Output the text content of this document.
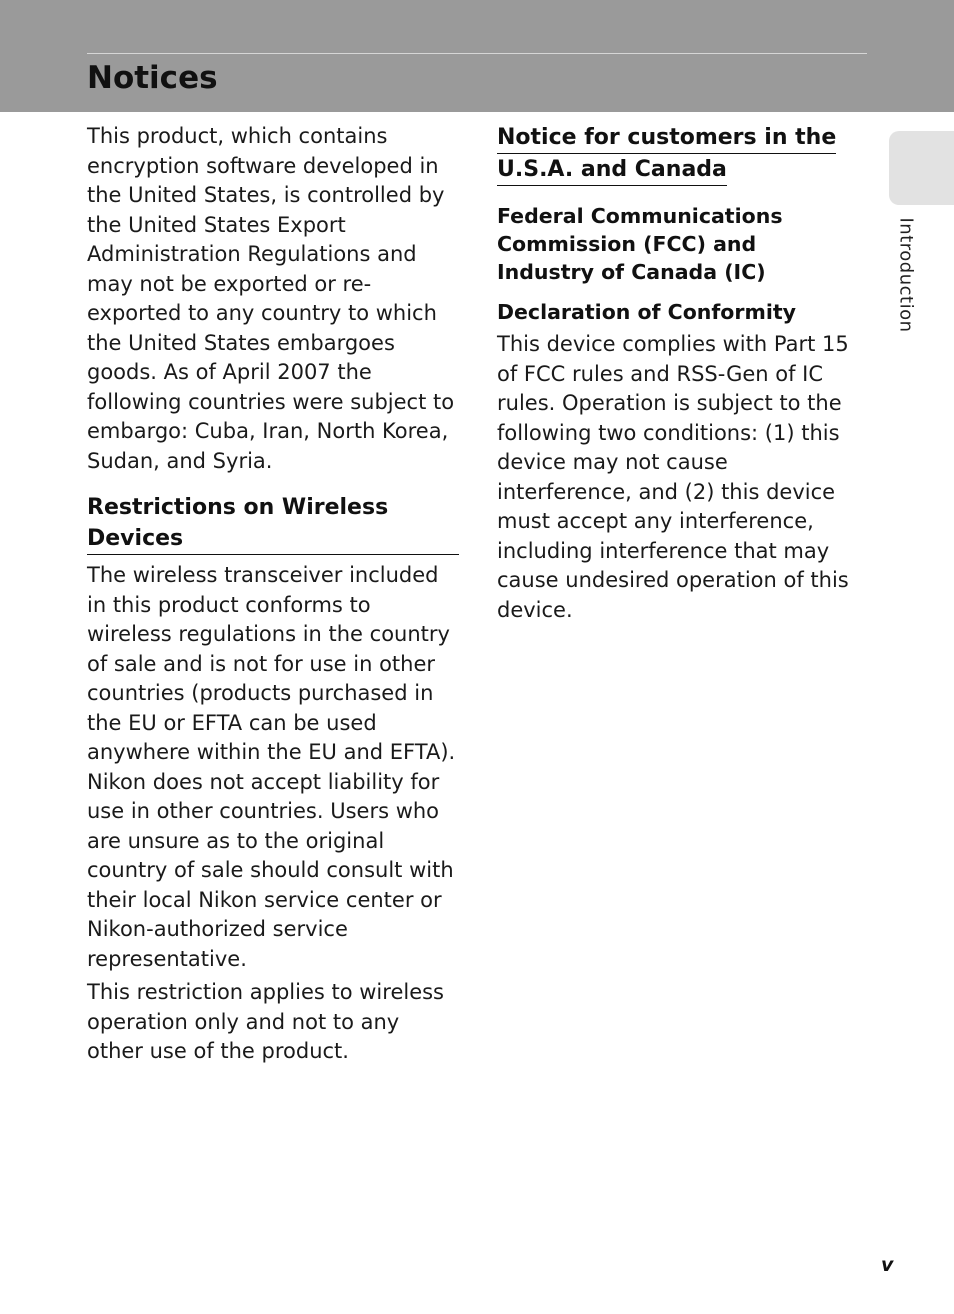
Notices

This product, which contains encryption software developed in the United States, is controlled by the United States Export Administration Regulations and may not be exported or re-exported to any country to which the United States embargoes goods. As of April 2007 the following countries were subject to embargo: Cuba, Iran, North Korea, Sudan, and Syria.

Restrictions on Wireless Devices

The wireless transceiver included in this product conforms to wireless regulations in the country of sale and is not for use in other countries (products purchased in the EU or EFTA can be used anywhere within the EU and EFTA). Nikon does not accept liability for use in other countries. Users who are unsure as to the original country of sale should consult with their local Nikon service center or Nikon-authorized service representative.

This restriction applies to wireless operation only and not to any other use of the product.

Notice for customers in the
U.S.A. and Canada
Federal Communications Commission (FCC) and Industry of Canada (IC)
Declaration of Conformity

This device complies with Part 15 of FCC rules and RSS-Gen of IC rules. Operation is subject to the following two conditions: (1) this device may not cause interference, and (2) this device must accept any interference, including interference that may cause undesired operation of this device.

Introduction
v
